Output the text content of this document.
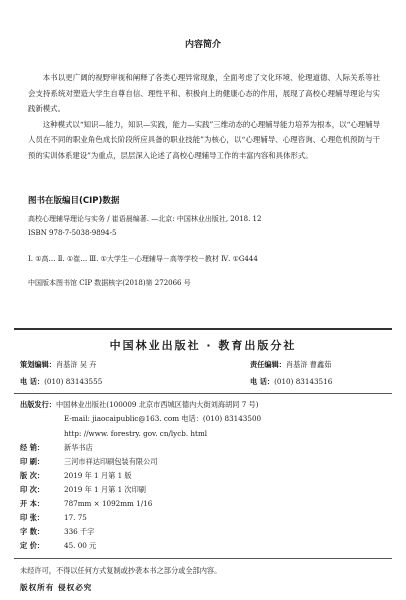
内容简介

本书以更广阔的视野审视和阐释了各类心理异常现象，全面考虑了文化环境、伦理道德、人际关系等社会支持系统对塑造大学生自尊自信、理性平和、积极向上的健康心态的作用，展现了高校心理辅导理论与实践新模式。

这种模式以“知识—能力，知识—实践，能力—实践”三维动态的心理辅导能力培养为根本，以“心理辅导人员在不同的职业角色成长阶段所应具备的职业技能”为核心，以“心理辅导、心理咨询、心理危机预防与干预的实训体系建设”为重点，层层深入论述了高校心理辅导工作的丰富内容和具体形式。

图书在版编目(CIP)数据
高校心理辅导理论与实务 / 崔语晨编著. —北京: 中国林业出版社, 2018. 12
ISBN 978-7-5038-9894-5
Ⅰ. ①高… Ⅱ. ①崔… Ⅲ. ①大学生－心理辅导－高等学校－教材 Ⅳ. ①G444
中国版本图书馆 CIP 数据核字(2018)第 272066 号
中国林业出版社 · 教育出版分社
策划编辑：肖基浒 吴 卉	责任编辑：肖基浒 曹鑫茹
电 话：(010) 83143555	电 话：(010) 83143516
出版发行：中国林业出版社(100009 北京市西城区德内大街刘海胡同 7 号)
E-mail: jiaocaipublic@163. com 电话：(010) 83143500
http: //www. forestry. gov. cn/lycb. html
经 销：	新华书店
印 刷：	三河市祥达印刷包装有限公司
版 次：	2019 年 1 月第 1 版
印 次：	2019 年 1 月第 1 次印刷
开 本：	787mm × 1092mm 1/16
印 张：	17. 75
字 数：	336 千字
定 价：	45. 00 元
未经许可，不得以任何方式复制或抄袭本书之部分或全部内容。
版权所有 侵权必究
